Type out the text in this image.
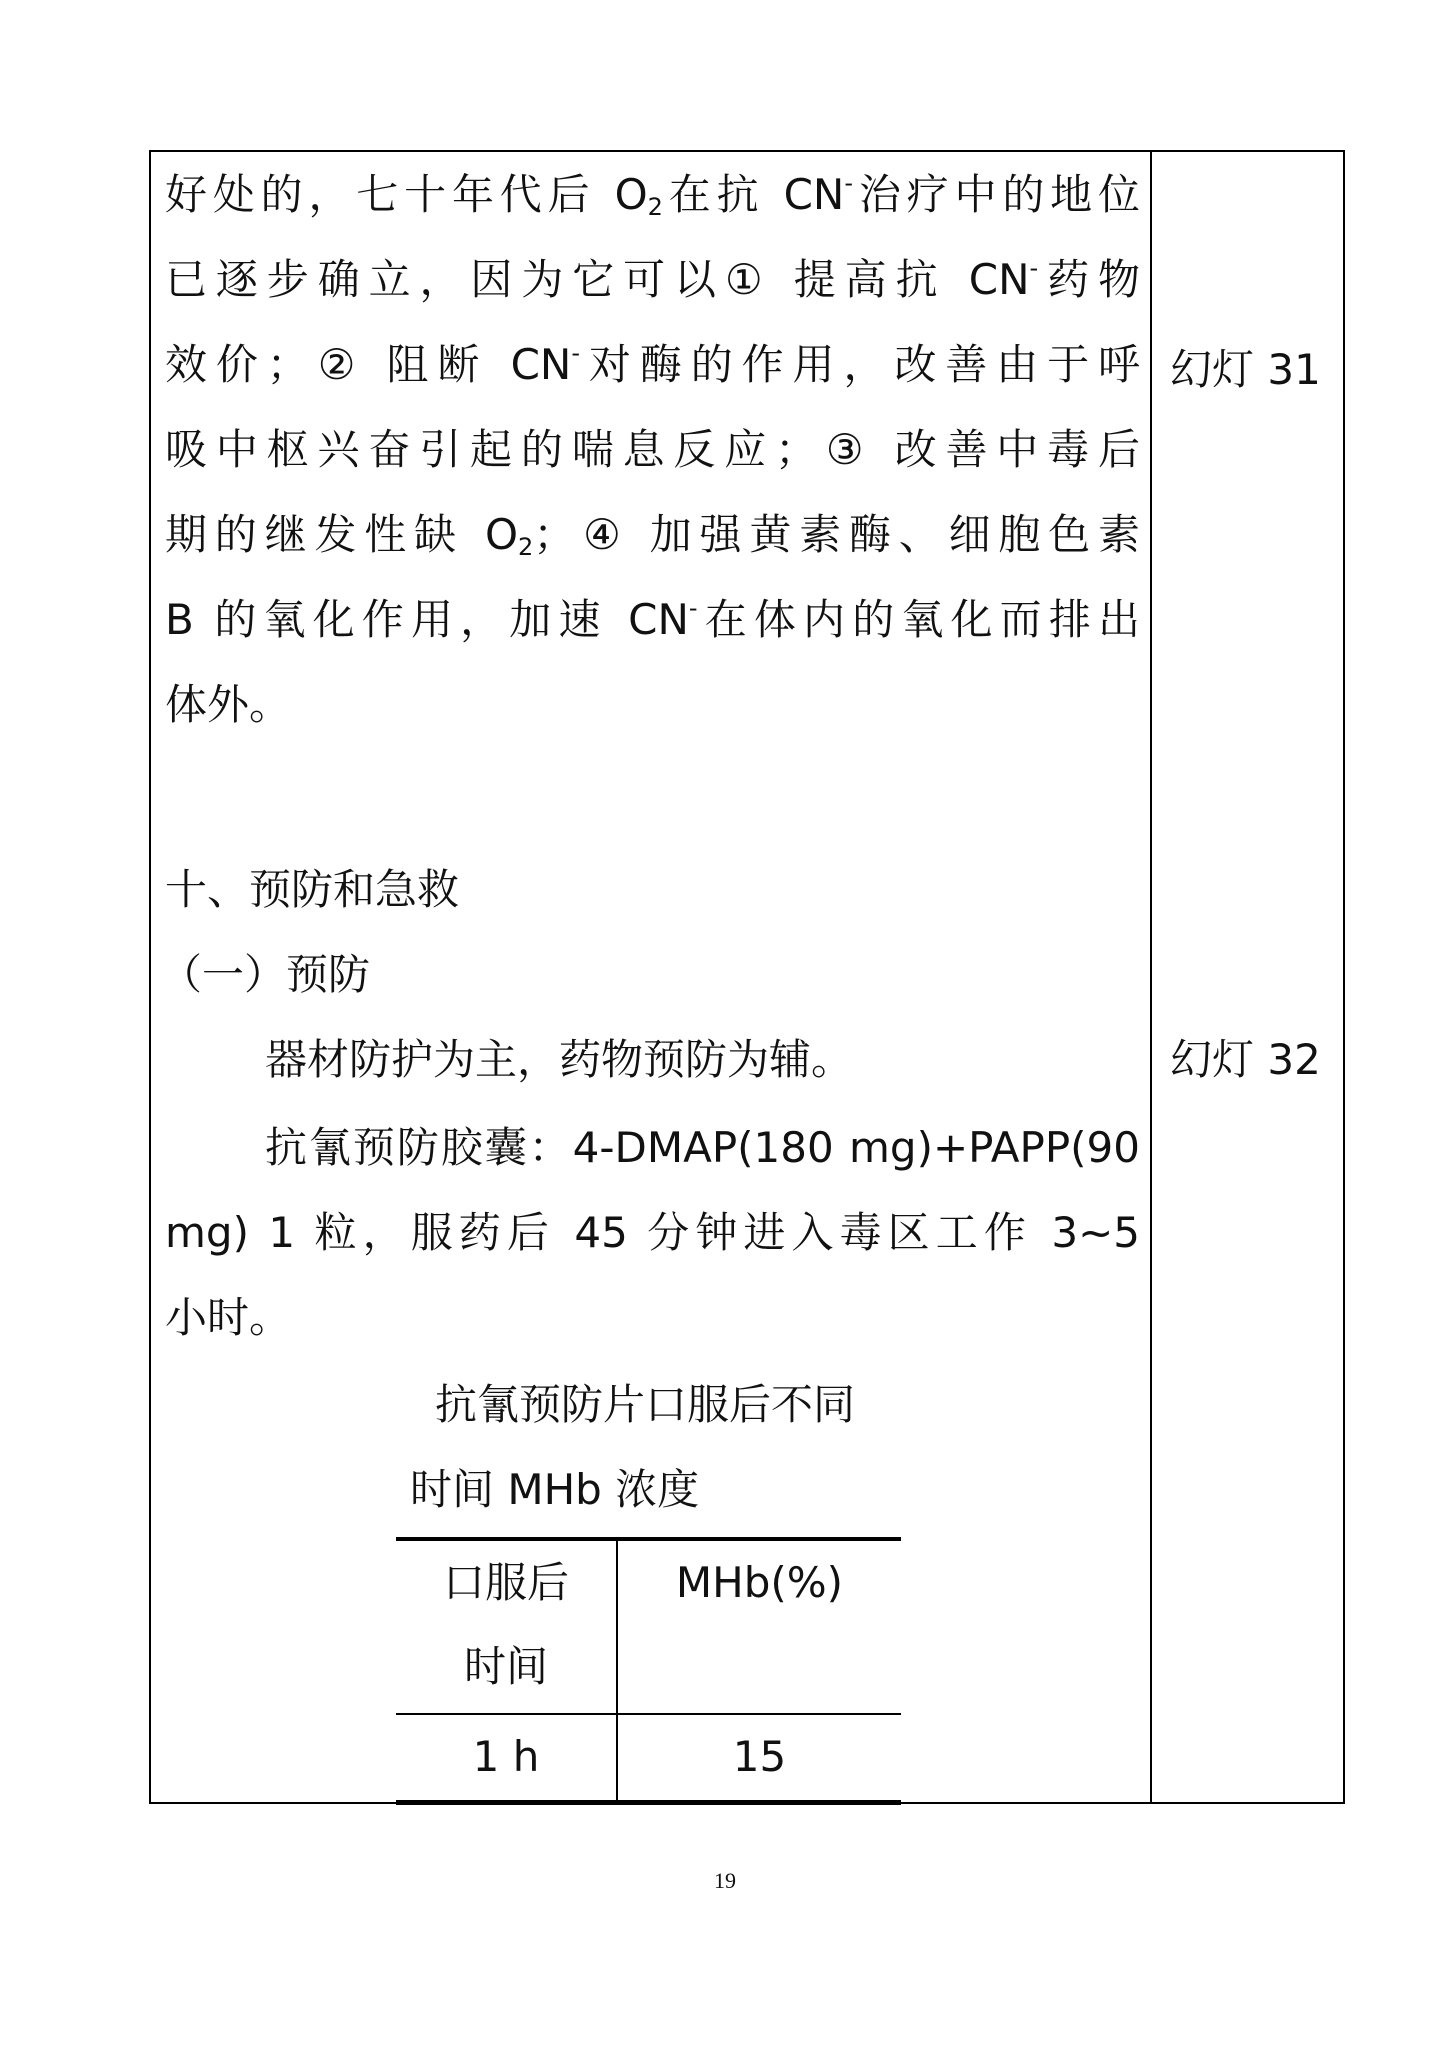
好处的，七十年代后 $O_2$在抗 CN-治疗中的地位
已逐步确立，因为它可以① 提高抗 CN-药物
效价；② 阻断 CN-对酶的作用，改善由于呼
吸中枢兴奋引起的喘息反应；③ 改善中毒后
期的继发性缺 $O_2$；④ 加强黄素酶、细胞色素
B 的氧化作用，加速 CN-在体内的氧化而排出
体外。
十、预防和急救
（一）预防
器材防护为主，药物预防为辅。
抗氰预防胶囊：4-DMAP(180 mg)+PAPP(90
mg) 1 粒，服药后 45 分钟进入毒区工作 3~5
小时。
幻灯 31
幻灯 32
抗氰预防片口服后不同
时间 MHb 浓度
口服后
时间
MHb(%)
1 h	15
19
